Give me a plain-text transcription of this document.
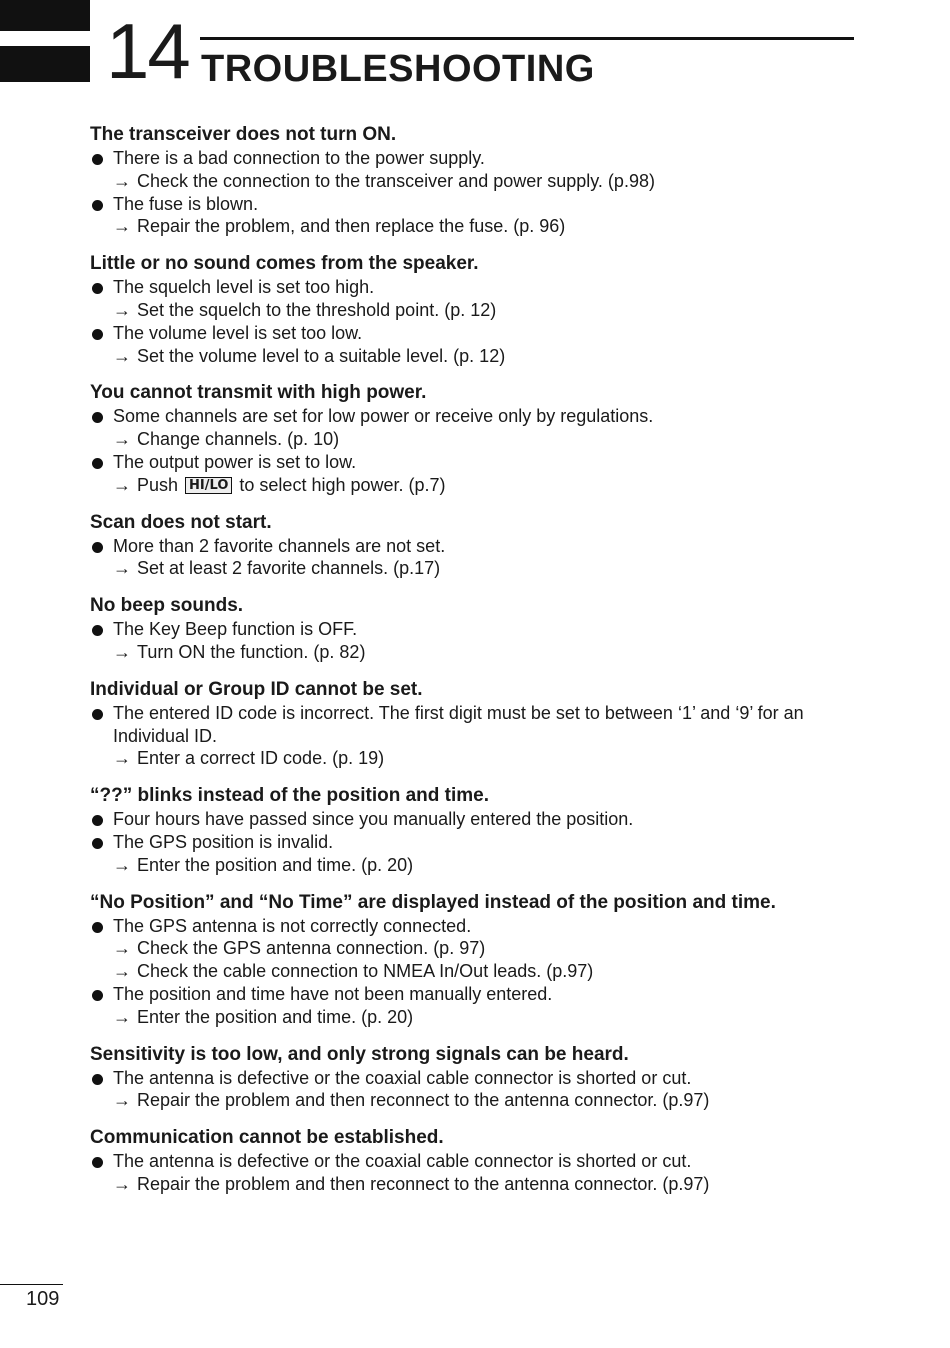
14 TROUBLESHOOTING
The transceiver does not turn ON.
There is a bad connection to the power supply.
→ Check the connection to the transceiver and power supply. (p.98)
The fuse is blown.
→ Repair the problem, and then replace the fuse. (p. 96)
Little or no sound comes from the speaker.
The squelch level is set too high.
→ Set the squelch to the threshold point. (p. 12)
The volume level is set too low.
→ Set the volume level to a suitable level. (p. 12)
You cannot transmit with high power.
Some channels are set for low power or receive only by regulations.
→ Change channels. (p. 10)
The output power is set to low.
→ Push HI/LO to select high power. (p.7)
Scan does not start.
More than 2 favorite channels are not set.
→ Set at least 2 favorite channels. (p.17)
No beep sounds.
The Key Beep function is OFF.
→ Turn ON the function. (p. 82)
Individual or Group ID cannot be set.
The entered ID code is incorrect. The first digit must be set to between ‘1’ and ‘9’ for an Individual ID.
→ Enter a correct ID code. (p. 19)
“??” blinks instead of the position and time.
Four hours have passed since you manually entered the position.
The GPS position is invalid.
→ Enter the position and time. (p. 20)
“No Position” and “No Time” are displayed instead of the position and time.
The GPS antenna is not correctly connected.
→ Check the GPS antenna connection. (p. 97)
→ Check the cable connection to NMEA In/Out leads. (p.97)
The position and time have not been manually entered.
→ Enter the position and time. (p. 20)
Sensitivity is too low, and only strong signals can be heard.
The antenna is defective or the coaxial cable connector is shorted or cut.
→ Repair the problem and then reconnect to the antenna connector. (p.97)
Communication cannot be established.
The antenna is defective or the coaxial cable connector is shorted or cut.
→ Repair the problem and then reconnect to the antenna connector. (p.97)
109
